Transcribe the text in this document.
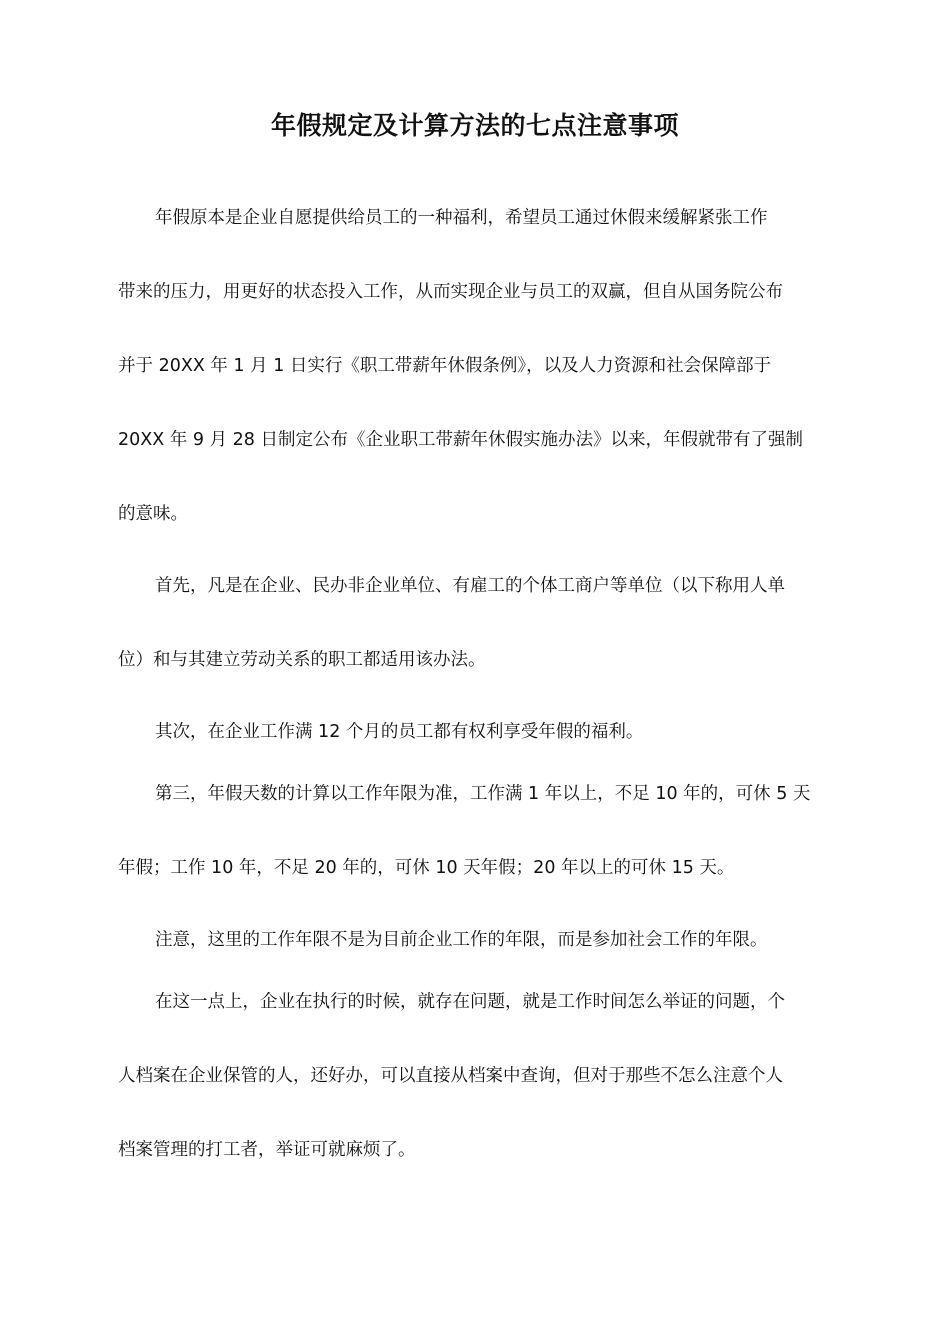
年假规定及计算方法的七点注意事项

年假原本是企业自愿提供给员工的一种福利，希望员工通过休假来缓解紧张工作
带来的压力，用更好的状态投入工作，从而实现企业与员工的双赢，但自从国务院公布
并于 20XX 年 1 月 1 日实行《职工带薪年休假条例》，以及人力资源和社会保障部于
20XX 年 9 月 28 日制定公布《企业职工带薪年休假实施办法》以来，年假就带有了强制
的意味。

首先，凡是在企业、民办非企业单位、有雇工的个体工商户等单位（以下称用人单
位）和与其建立劳动关系的职工都适用该办法。

其次，在企业工作满 12 个月的员工都有权利享受年假的福利。

第三，年假天数的计算以工作年限为准，工作满 1 年以上，不足 10 年的，可休 5 天
年假；工作 10 年，不足 20 年的，可休 10 天年假；20 年以上的可休 15 天。

注意，这里的工作年限不是为目前企业工作的年限，而是参加社会工作的年限。

在这一点上，企业在执行的时候，就存在问题，就是工作时间怎么举证的问题，个
人档案在企业保管的人，还好办，可以直接从档案中查询，但对于那些不怎么注意个人
档案管理的打工者，举证可就麻烦了。
